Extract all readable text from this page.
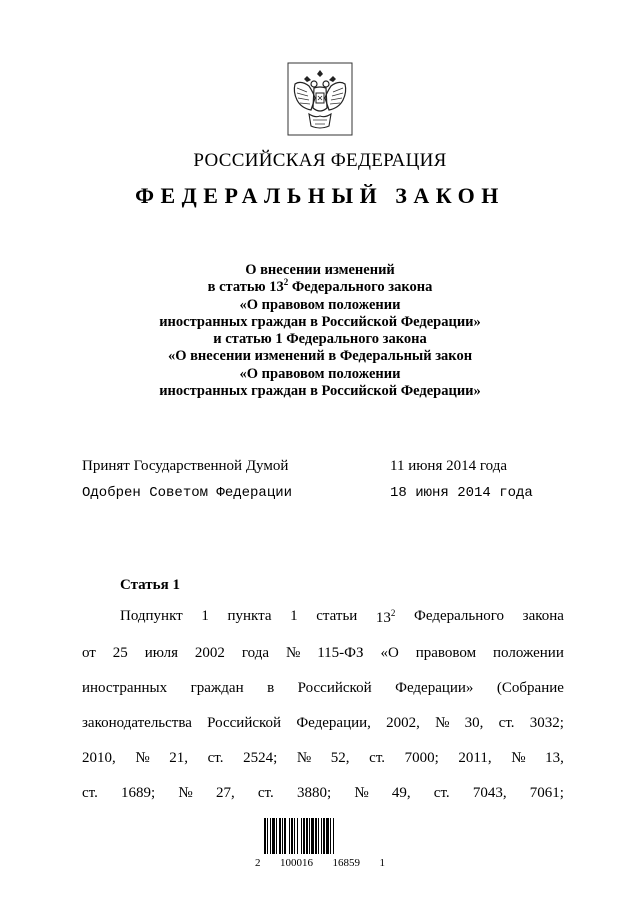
РОССИЙСКАЯ ФЕДЕРАЦИЯ
ФЕДЕРАЛЬНЫЙ ЗАКОН
О внесении изменений
в статью $13^2$ Федерального закона
«О правовом положении
иностранных граждан в Российской Федерации»
и статью 1 Федерального закона
«О внесении изменений в Федеральный закон
«О правовом положении
иностранных граждан в Российской Федерации»
Принят Государственной Думой	11 июня 2014 года
Одобрен Советом Федерации	18 июня 2014 года
Статья 1
Подпункт 1 пункта 1 статьи $13^2$ Федерального закона
от 25 июля 2002 года № 115-ФЗ «О правовом положении
иностранных граждан в Российской Федерации» (Собрание
законодательства Российской Федерации, 2002, № 30, ст. 3032;
2010, № 21, ст. 2524; № 52, ст. 7000; 2011, № 13,
ст. 1689; № 27, ст. 3880; № 49, ст. 7043, 7061;
2 100016 16859 1
